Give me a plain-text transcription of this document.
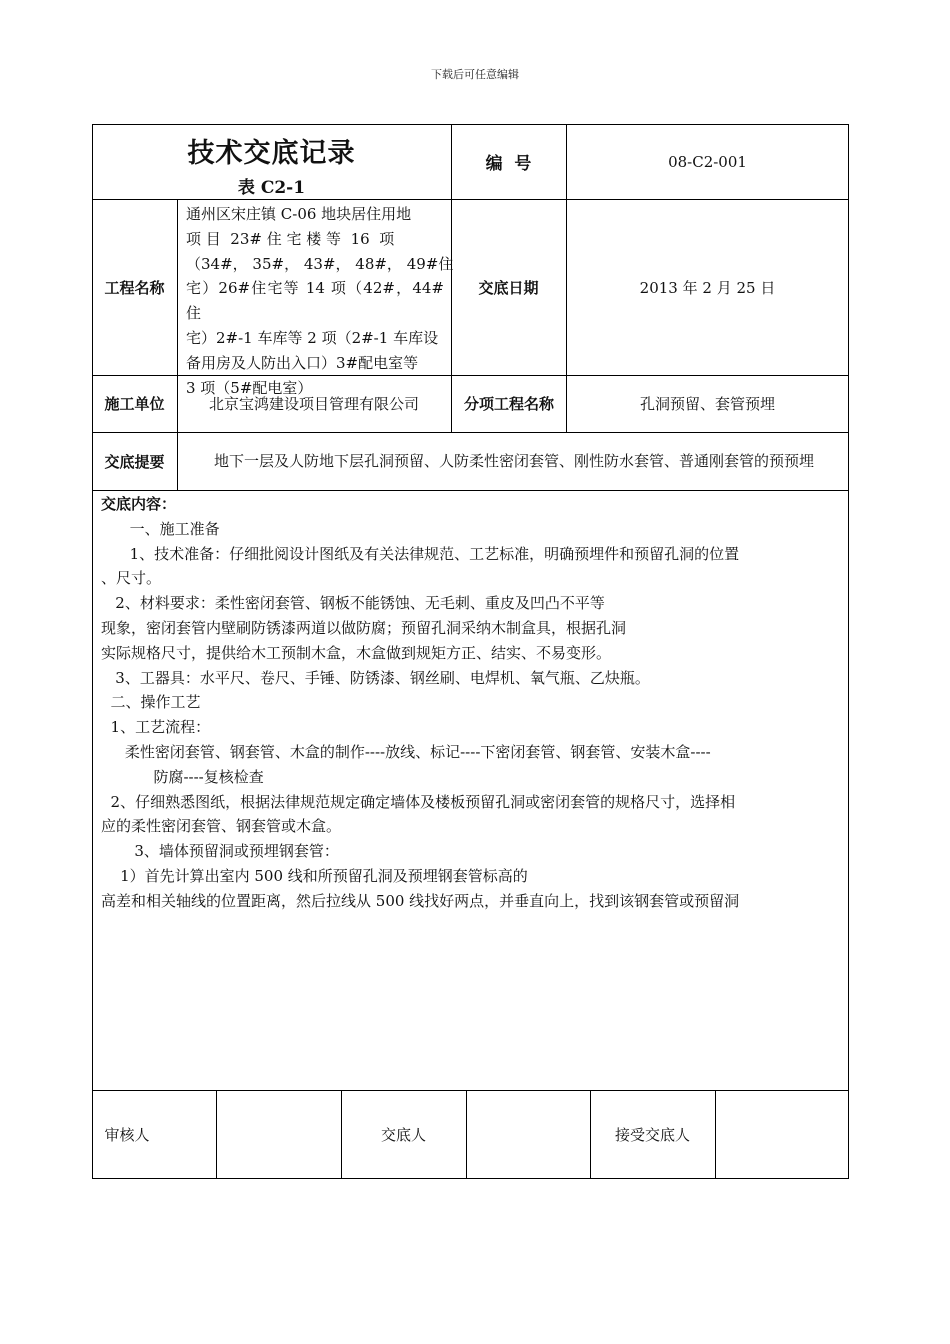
下载后可任意编辑
技术交底记录
表 C2-1
编  号	08-C2-001
工程名称
通州区宋庄镇 C-06 地块居住用地
项 目  23# 住 宅 楼 等  16  项
（34#， 35#， 43#， 48#， 49#住
宅）26#住宅等 14 项（42#，44#住
宅）2#-1 车库等 2 项（2#-1 车库设
备用房及人防出入口）3#配电室等
3 项（5#配电室）
交底日期	2013 年 2 月 25 日
施工单位	北京宝鸿建设项目管理有限公司	分项工程名称	孔洞预留、套管预埋
交底提要	地下一层及人防地下层孔洞预留、人防柔性密闭套管、刚性防水套管、普通刚套管的预预埋
交底内容：
一、施工准备
1、技术准备：仔细批阅设计图纸及有关法律规范、工艺标准，明确预埋件和预留孔洞的位置
、尺寸。
2、材料要求：柔性密闭套管、钢板不能锈蚀、无毛刺、重皮及凹凸不平等
现象，密闭套管内壁刷防锈漆两道以做防腐；预留孔洞采纳木制盒具，根据孔洞
实际规格尺寸，提供给木工预制木盒，木盒做到规矩方正、结实、不易变形。
3、工器具：水平尺、卷尺、手锤、防锈漆、钢丝刷、电焊机、氧气瓶、乙炔瓶。
二、操作工艺
1、工艺流程：
柔性密闭套管、钢套管、木盒的制作----放线、标记----下密闭套管、钢套管、安装木盒----
防腐----复核检查
2、仔细熟悉图纸，根据法律规范规定确定墙体及楼板预留孔洞或密闭套管的规格尺寸，选择相
应的柔性密闭套管、钢套管或木盒。
3、墙体预留洞或预埋钢套管：
1）首先计算出室内 500 线和所预留孔洞及预埋钢套管标高的
高差和相关轴线的位置距离，然后拉线从 500 线找好两点，并垂直向上，找到该钢套管或预留洞
审核人	交底人	接受交底人
